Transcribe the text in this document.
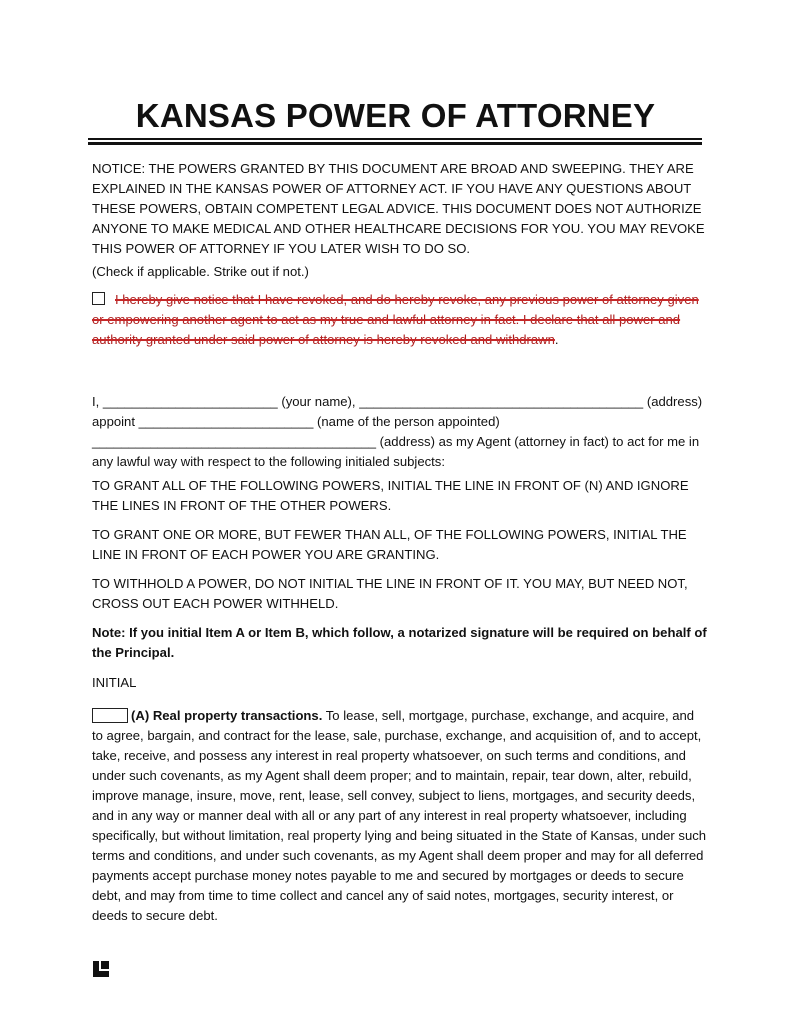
KANSAS POWER OF ATTORNEY

NOTICE: THE POWERS GRANTED BY THIS DOCUMENT ARE BROAD AND SWEEPING. THEY ARE EXPLAINED IN THE KANSAS POWER OF ATTORNEY ACT. IF YOU HAVE ANY QUESTIONS ABOUT THESE POWERS, OBTAIN COMPETENT LEGAL ADVICE. THIS DOCUMENT DOES NOT AUTHORIZE ANYONE TO MAKE MEDICAL AND OTHER HEALTHCARE DECISIONS FOR YOU. YOU MAY REVOKE THIS POWER OF ATTORNEY IF YOU LATER WISH TO DO SO.

(Check if applicable. Strike out if not.)

I hereby give notice that I have revoked, and do hereby revoke, any previous power of attorney given or empowering another agent to act as my true and lawful attorney in fact. I declare that all power and authority granted under said power of attorney is hereby revoked and withdrawn.

I, ________________________ (your name), _______________________________________ (address) appoint ________________________ (name of the person appointed) _______________________________________ (address) as my Agent (attorney in fact) to act for me in any lawful way with respect to the following initialed subjects:

TO GRANT ALL OF THE FOLLOWING POWERS, INITIAL THE LINE IN FRONT OF (N) AND IGNORE THE LINES IN FRONT OF THE OTHER POWERS.

TO GRANT ONE OR MORE, BUT FEWER THAN ALL, OF THE FOLLOWING POWERS, INITIAL THE LINE IN FRONT OF EACH POWER YOU ARE GRANTING.

TO WITHHOLD A POWER, DO NOT INITIAL THE LINE IN FRONT OF IT. YOU MAY, BUT NEED NOT, CROSS OUT EACH POWER WITHHELD.

Note: If you initial Item A or Item B, which follow, a notarized signature will be required on behalf of the Principal.

INITIAL

(A) Real property transactions. To lease, sell, mortgage, purchase, exchange, and acquire, and to agree, bargain, and contract for the lease, sale, purchase, exchange, and acquisition of, and to accept, take, receive, and possess any interest in real property whatsoever, on such terms and conditions, and under such covenants, as my Agent shall deem proper; and to maintain, repair, tear down, alter, rebuild, improve manage, insure, move, rent, lease, sell convey, subject to liens, mortgages, and security deeds, and in any way or manner deal with all or any part of any interest in real property whatsoever, including specifically, but without limitation, real property lying and being situated in the State of Kansas, under such terms and conditions, and under such covenants, as my Agent shall deem proper and may for all deferred payments accept purchase money notes payable to me and secured by mortgages or deeds to secure debt, and may from time to time collect and cancel any of said notes, mortgages, security interest, or deeds to secure debt.
